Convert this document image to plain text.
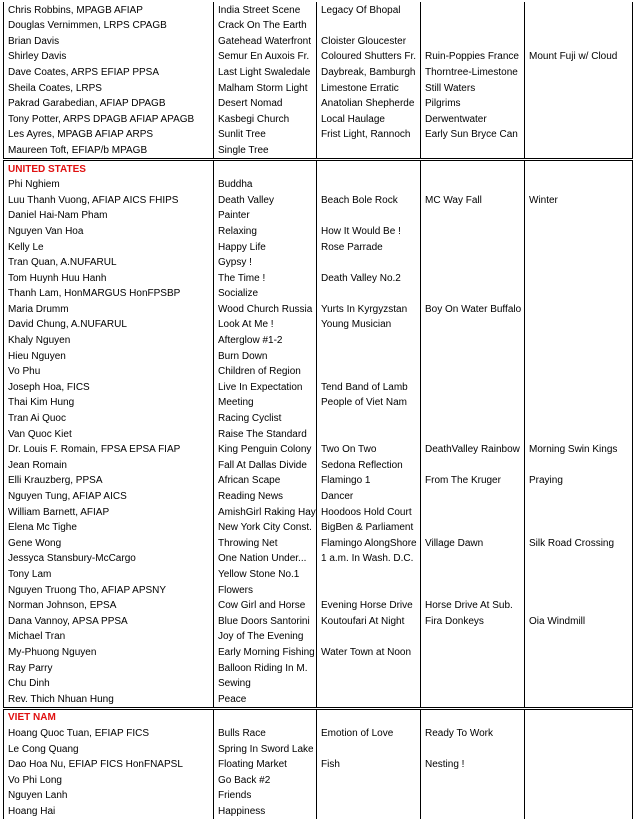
Chris Robbins, MPAGB AFIAP	India Street Scene	Legacy Of Bhopal		
Douglas Vernimmen, LRPS CPAGB	Crack On The Earth			
Brian Davis	Gatehead Waterfront	Cloister Gloucester		
Shirley Davis	Semur En Auxois Fr.	Coloured Shutters Fr.	Ruin-Poppies France	Mount Fuji w/ Cloud
Dave Coates, ARPS EFIAP PPSA	Last Light Swaledale	Daybreak, Bamburgh	Thorntree-Limestone	
Sheila Coates, LRPS	Malham Storm Light	Limestone Erratic	Still Waters	
Pakrad Garabedian, AFIAP DPAGB	Desert Nomad	Anatolian Shepherde	Pilgrims	
Tony Potter, ARPS DPAGB AFIAP APAGB	Kasbegi Church	Local Haulage	Derwentwater	
Les Ayres, MPAGB AFIAP ARPS	Sunlit Tree	Frist Light, Rannoch	Early Sun Bryce Can	
Maureen Toft, EFIAP/b MPAGB	Single Tree			
UNITED STATES				
Phi Nghiem	Buddha			
Luu Thanh Vuong, AFIAP AICS FHIPS	Death Valley	Beach Bole Rock	MC Way Fall	Winter
Daniel Hai-Nam Pham	Painter			
Nguyen Van Hoa	Relaxing	How It Would Be !		
Kelly Le	Happy Life	Rose Parrade		
Tran Quan, A.NUFARUL	Gypsy !			
Tom Huynh Huu Hanh	The Time !	Death Valley No.2		
Thanh Lam, HonMARGUS HonFPSBP	Socialize			
Maria Drumm	Wood Church Russia	Yurts In Kyrgyzstan	Boy On Water Buffalo	
David Chung, A.NUFARUL	Look At Me !	Young Musician		
Khaly Nguyen	Afterglow #1-2			
Hieu Nguyen	Burn Down			
Vo Phu	Children of Region			
Joseph Hoa, FICS	Live In Expectation	Tend Band of Lamb		
Thai Kim Hung	Meeting	People of Viet Nam		
Tran Ai Quoc	Racing Cyclist			
Van Quoc Kiet	Raise The Standard			
Dr. Louis F. Romain, FPSA EPSA FIAP	King Penguin Colony	Two On Two	DeathValley Rainbow	Morning Swin Kings
Jean Romain	Fall At Dallas Divide	Sedona Reflection		
Elli Krauzberg, PPSA	African Scape	Flamingo 1	From The Kruger	Praying
Nguyen Tung, AFIAP AICS	Reading News	Dancer		
William Barnett, AFIAP	AmishGirl Raking Hay	Hoodoos Hold Court		
Elena Mc Tighe	New York City Const.	BigBen & Parliament		
Gene Wong	Throwing Net	Flamingo AlongShore	Village Dawn	Silk Road Crossing
Jessyca Stansbury-McCargo	One Nation Under...	1 a.m. In Wash. D.C.		
Tony Lam	Yellow Stone No.1			
Nguyen Truong Tho, AFIAP APSNY	Flowers			
Norman Johnson, EPSA	Cow Girl and Horse	Evening Horse Drive	Horse Drive At Sub.	
Dana Vannoy, APSA PPSA	Blue Doors Santorini	Koutoufari At Night	Fira Donkeys	Oia Windmill
Michael Tran	Joy of The Evening			
My-Phuong Nguyen	Early Morning Fishing	Water Town at Noon		
Ray Parry	Balloon Riding In M.			
Chu Dinh	Sewing			
Rev. Thich Nhuan Hung	Peace			
VIET NAM				
Hoang Quoc Tuan, EFIAP FICS	Bulls Race	Emotion of Love	Ready To Work	
Le Cong Quang	Spring In Sword Lake			
Dao Hoa Nu, EFIAP FICS HonFNAPSL	Floating Market	Fish	Nesting !	
Vo Phi Long	Go Back #2			
Nguyen Lanh	Friends			
Hoang Hai	Happiness			
